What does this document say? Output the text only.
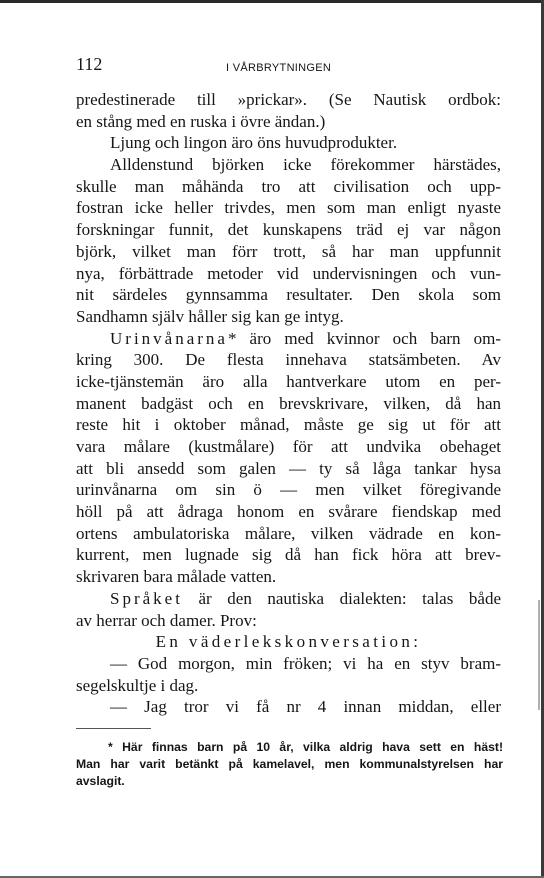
112	I VÅRBRYTNINGEN
predestinerade till »prickar». (Se Nautisk ordbok:
en stång med en ruska i övre ändan.)
Ljung och lingon äro öns huvudprodukter.
Alldenstund björken icke förekommer härstädes,
skulle man måhända tro att civilisation och upp-
fostran icke heller trivdes, men som man enligt nyaste
forskningar funnit, det kunskapens träd ej var någon
björk, vilket man förr trott, så har man uppfunnit
nya, förbättrade metoder vid undervisningen och vun-
nit särdeles gynnsamma resultater. Den skola som
Sandhamn själv håller sig kan ge intyg.
Urinvånarna* äro med kvinnor och barn om-
kring 300. De flesta innehava statsämbeten. Av
icke-tjänstemän äro alla hantverkare utom en per-
manent badgäst och en brevskrivare, vilken, då han
reste hit i oktober månad, måste ge sig ut för att
vara målare (kustmålare) för att undvika obehaget
att bli ansedd som galen — ty så låga tankar hysa
urinvånarna om sin ö — men vilket föregivande
höll på att ådraga honom en svårare fiendskap med
ortens ambulatoriska målare, vilken vädrade en kon-
kurrent, men lugnade sig då han fick höra att brev-
skrivaren bara målade vatten.
Språket är den nautiska dialekten: talas både
av herrar och damer. Prov:
En väderlekskonversation:
— God morgon, min fröken; vi ha en styv bram-
segelskultje i dag.
— Jag tror vi få nr 4 innan middan, eller
* Här finnas barn på 10 år, vilka aldrig hava sett en häst!
Man har varit betänkt på kamelavel, men kommunalstyrelsen har
avslagit.
